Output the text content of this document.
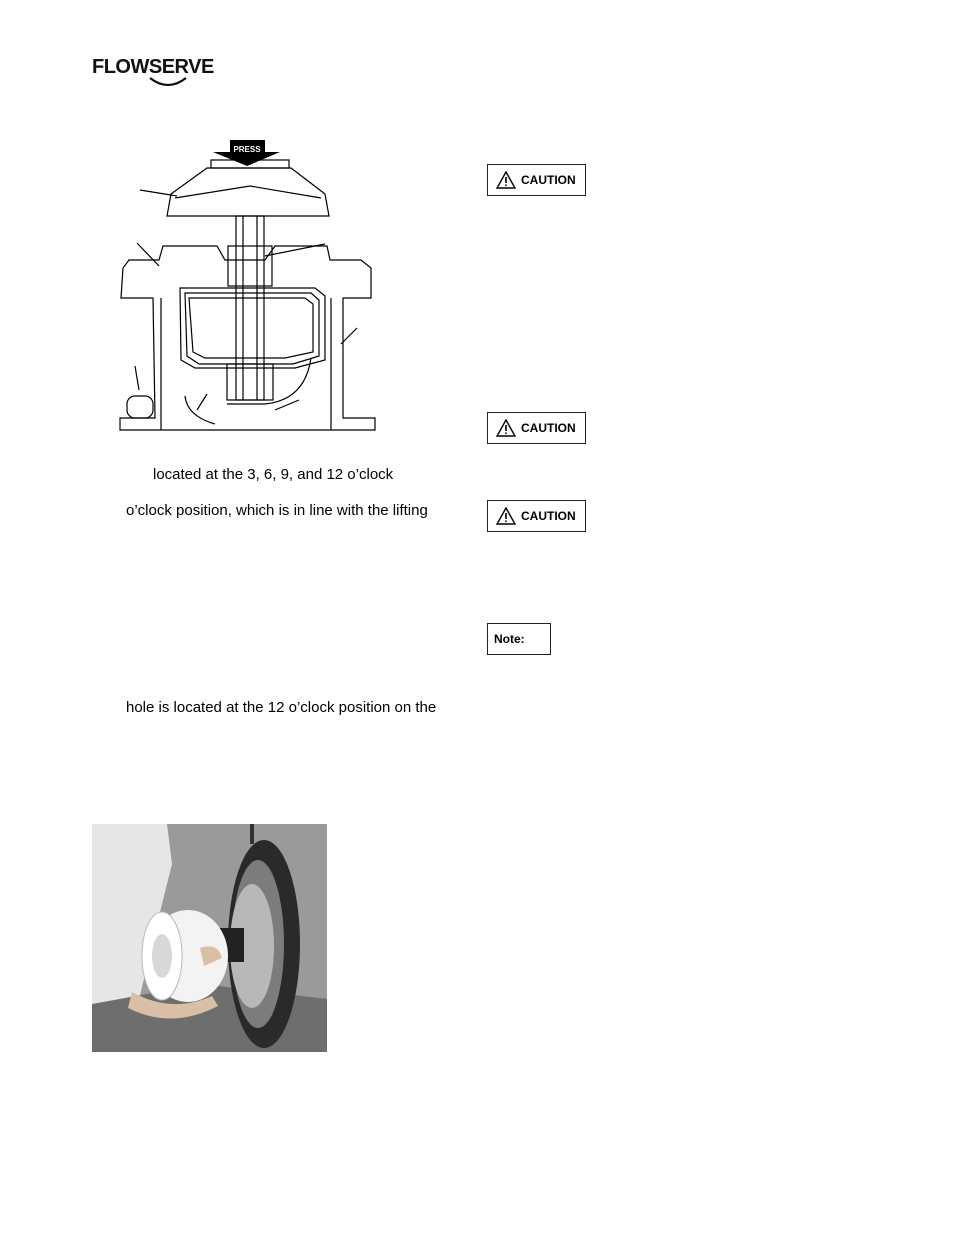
FLOWSERVE
PRESS
located at the 3, 6, 9, and 12 o’clock
o’clock position, which is in line with the lifting
hole is located at the 12 o’clock position on the
CAUTION
CAUTION
CAUTION
Note:
